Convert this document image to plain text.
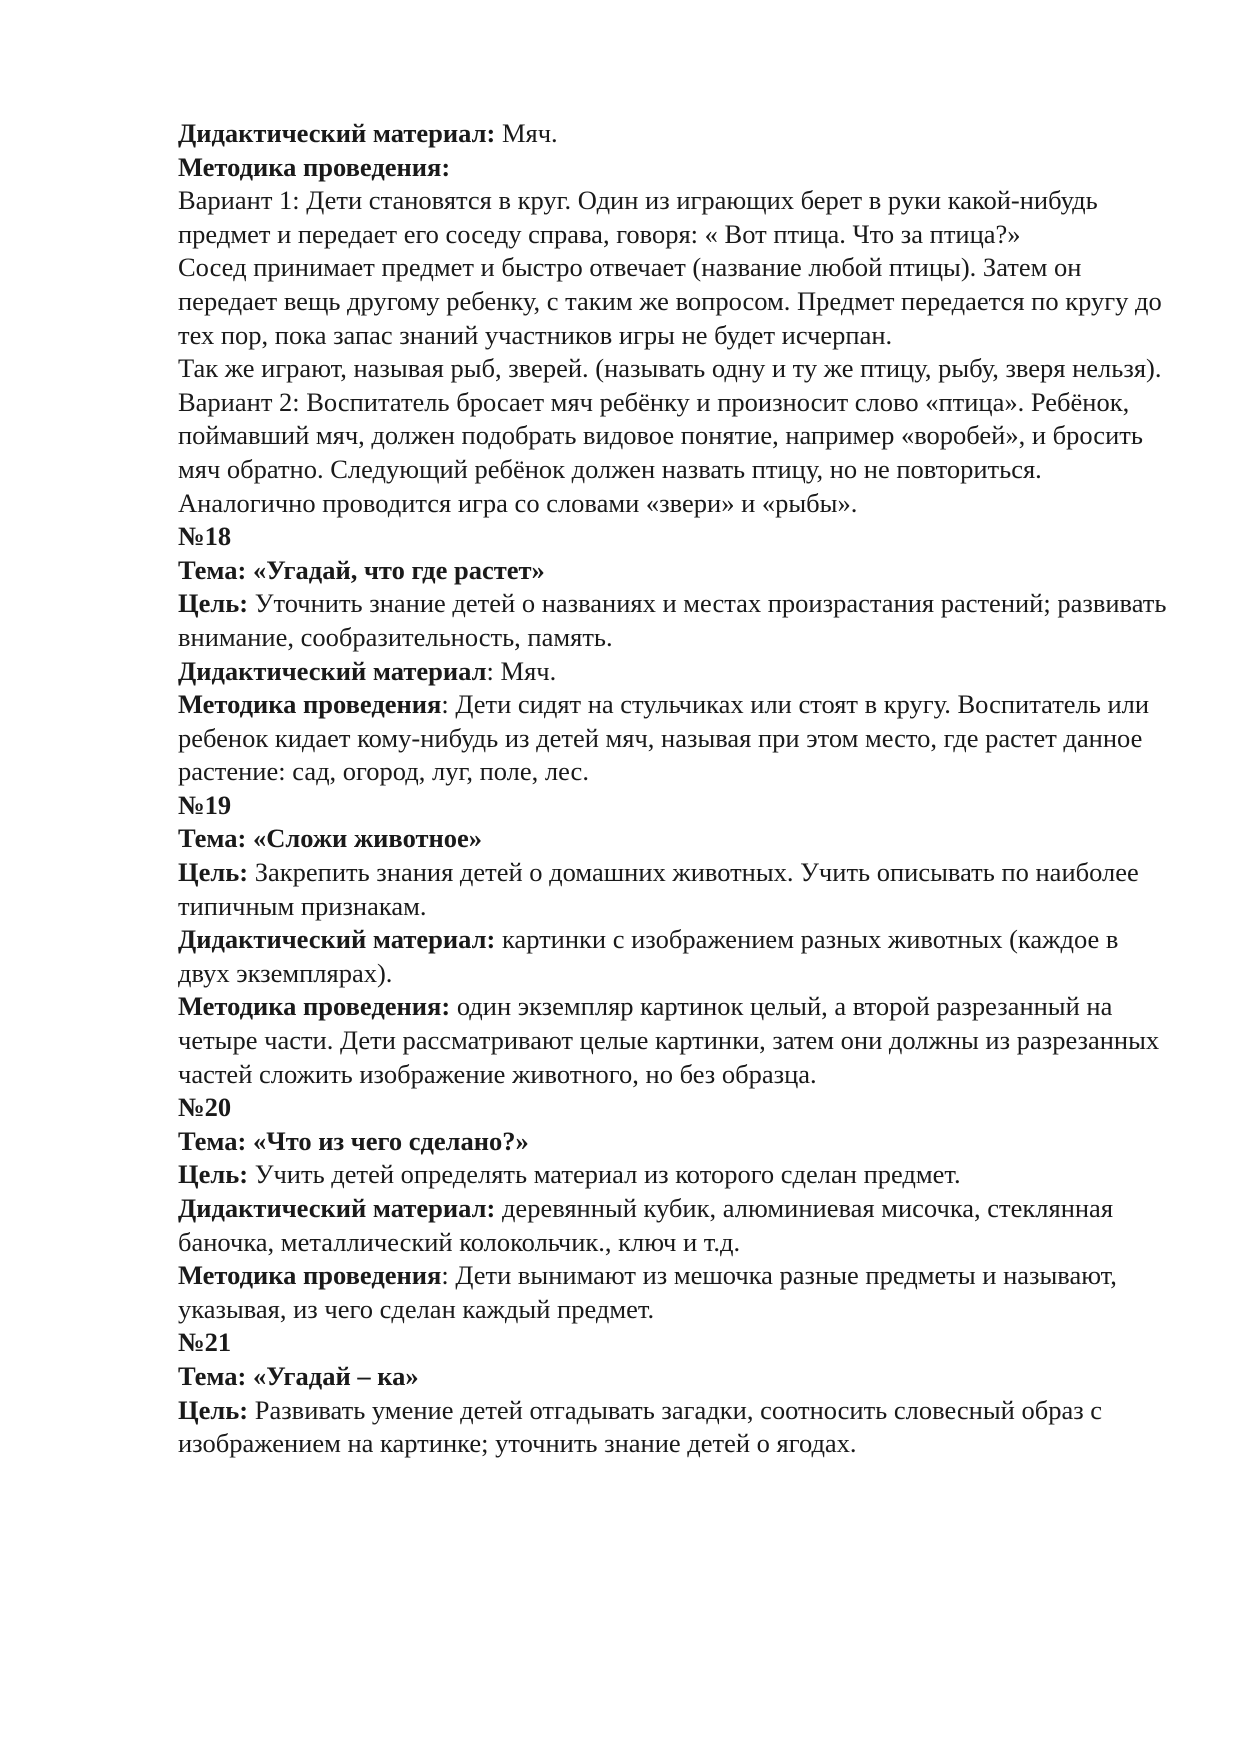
Дидактический материал: Мяч.

Методика проведения:

Вариант 1: Дети становятся в круг. Один из играющих берет в руки какой-нибудь предмет и передает его соседу справа, говоря: « Вот птица. Что за птица?»

Сосед принимает предмет и быстро отвечает (название любой птицы). Затем он передает вещь другому ребенку, с таким же вопросом. Предмет передается по кругу до тех пор, пока запас знаний участников игры не будет исчерпан.

Так же играют, называя рыб, зверей. (называть одну и ту же птицу, рыбу, зверя нельзя).

Вариант 2: Воспитатель бросает мяч ребёнку и произносит слово «птица». Ребёнок, поймавший мяч, должен подобрать видовое понятие, например «воробей», и бросить мяч обратно. Следующий ребёнок должен назвать птицу, но не повториться. Аналогично проводится игра со словами «звери» и «рыбы».

№18

Тема: «Угадай, что где растет»

Цель: Уточнить знание детей о названиях и местах произрастания растений; развивать внимание, сообразительность, память.

Дидактический материал: Мяч.

Методика проведения: Дети сидят на стульчиках или стоят в кругу. Воспитатель или ребенок кидает кому-нибудь из детей мяч, называя при этом место, где растет данное растение: сад, огород, луг, поле, лес.

№19

Тема: «Сложи животное»

Цель: Закрепить знания детей о домашних животных. Учить описывать по наиболее типичным признакам.

Дидактический материал: картинки с изображением разных животных (каждое в двух экземплярах).

Методика проведения: один экземпляр картинок целый, а второй разрезанный на четыре части. Дети рассматривают целые картинки, затем они должны из разрезанных частей сложить изображение животного, но без образца.

№20

Тема: «Что из чего сделано?»

Цель: Учить детей определять материал из которого сделан предмет.

Дидактический материал: деревянный кубик, алюминиевая мисочка, стеклянная баночка, металлический колокольчик., ключ и т.д.

Методика проведения: Дети вынимают из мешочка разные предметы и называют, указывая, из чего сделан каждый предмет.

№21

Тема: «Угадай – ка»

Цель: Развивать умение детей отгадывать загадки, соотносить словесный образ с изображением на картинке; уточнить знание детей о ягодах.
